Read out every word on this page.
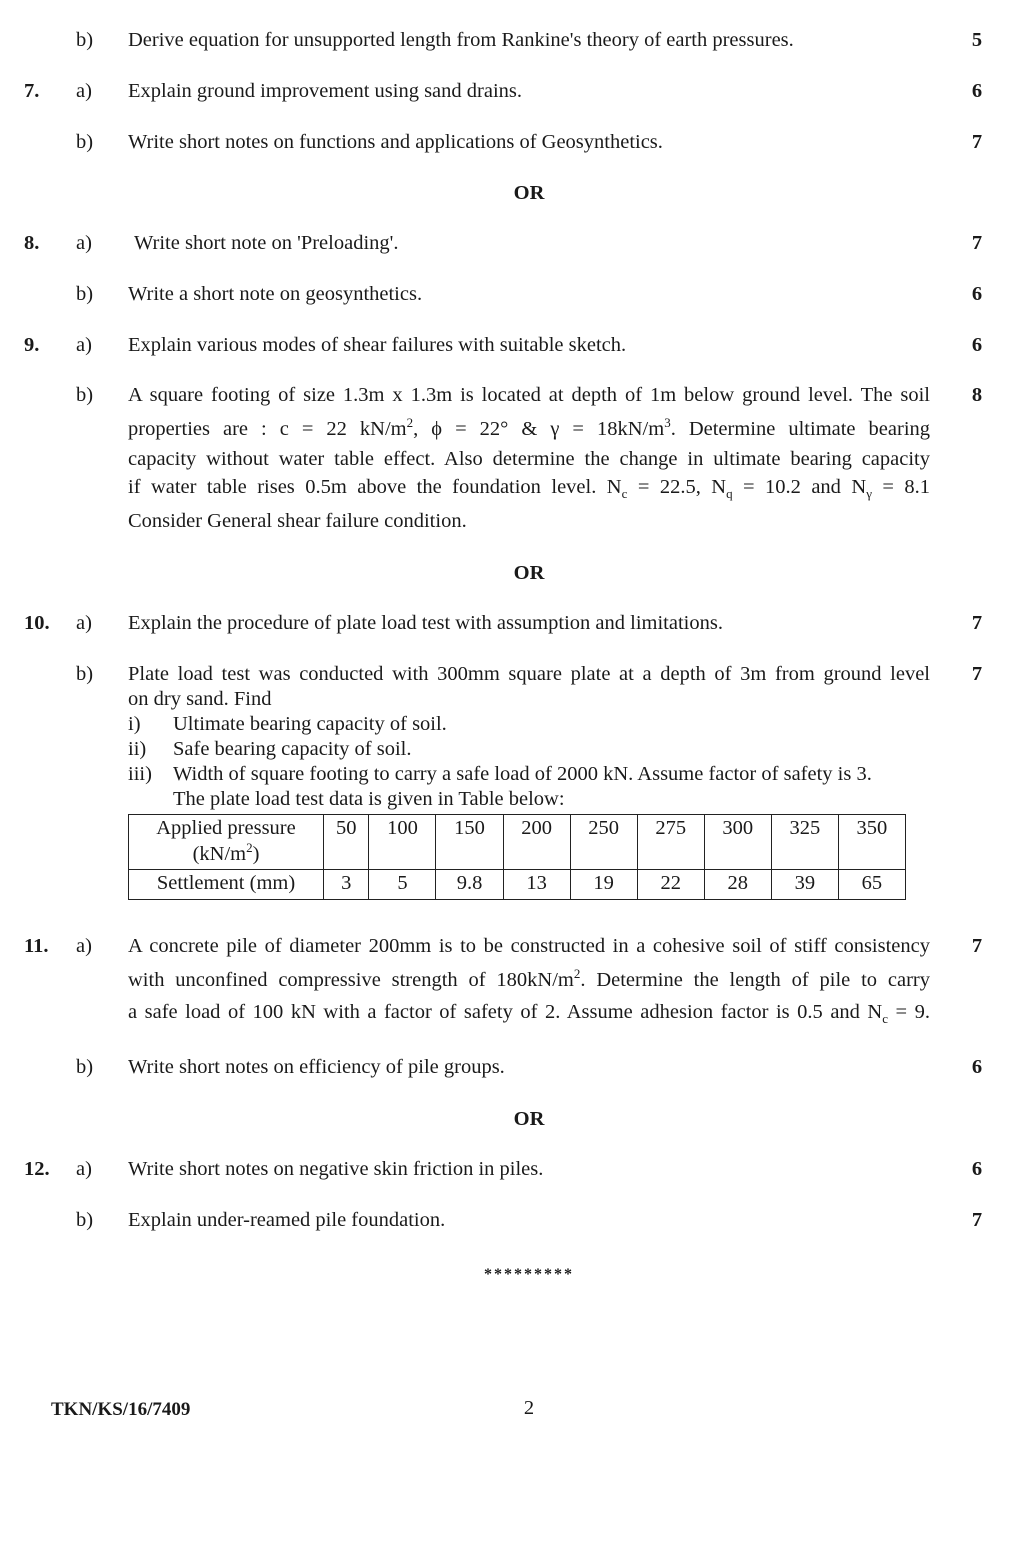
b) Derive equation for unsupported length from Rankine's theory of earth pressures.	5
7. a) Explain ground improvement using sand drains.	6
b) Write short notes on functions and applications of Geosynthetics.	7
OR
8. a) Write short note on 'Preloading'.	7
b) Write a short note on geosynthetics.	6
9. a) Explain various modes of shear failures with suitable sketch.	6
b) A square footing of size 1.3m x 1.3m is located at depth of 1m below ground level. The soil
properties are : c = 22 $kN/m^2$, ϕ = 22° & $\gamma = 18kN/m^3$. Determine ultimate bearing
capacity without water table effect. Also determine the change in ultimate bearing capacity
if water table rises 0.5m above the foundation level. $N_c = 22.5$, $N_q = 10.2$ and $N_\gamma = 8.1$
Consider General shear failure condition.
8
OR
10. a) Explain the procedure of plate load test with assumption and limitations.	7
b) Plate load test was conducted with 300mm square plate at a depth of 3m from ground level
on dry sand. Find
i) Ultimate bearing capacity of soil.
ii) Safe bearing capacity of soil.
iii) Width of square footing to carry a safe load of 2000 kN. Assume factor of safety is 3.
The plate load test data is given in Table below:
7
Applied pressure
$(kN/m^2)$	50	100	150	200	250	275	300	325	350
Settlement (mm)	3	5	9.8	13	19	22	28	39	65
11. a) A concrete pile of diameter 200mm is to be constructed in a cohesive soil of stiff consistency
with unconfined compressive strength of $180kN/m^2$. Determine the length of pile to carry
a safe load of 100 kN with a factor of safety of 2. Assume adhesion factor is 0.5 and $N_c = 9$.
7
b) Write short notes on efficiency of pile groups.	6
OR
12. a) Write short notes on negative skin friction in piles.	6
b) Explain under-reamed pile foundation.	7
*********
TKN/KS/16/7409	2
